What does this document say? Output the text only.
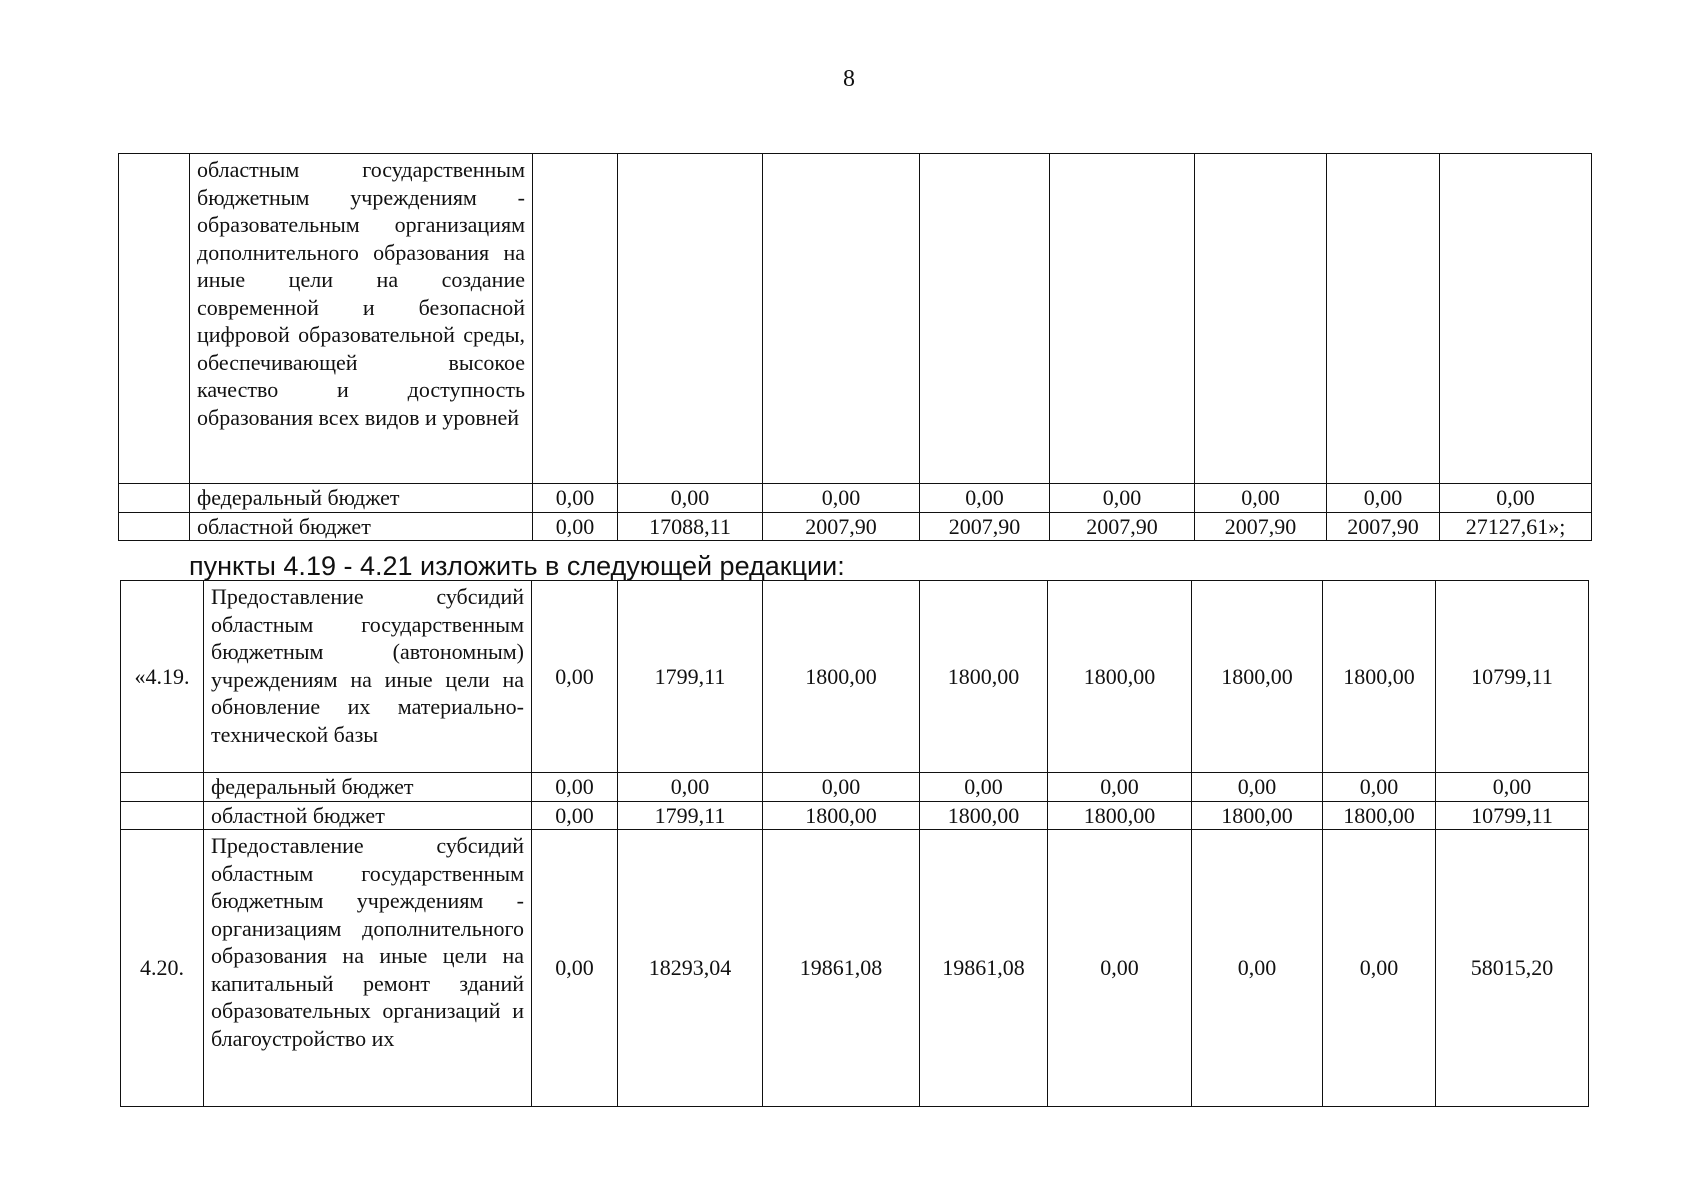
8
	областным государственным бюджетным учреждениям - образовательным организациям дополнительного образования на иные цели на создание современной и безопасной цифровой образовательной среды, обеспечивающей высокое качество и доступность образования всех видов и уровней								
	федеральный бюджет	0,00	0,00	0,00	0,00	0,00	0,00	0,00	0,00
	областной бюджет	0,00	17088,11	2007,90	2007,90	2007,90	2007,90	2007,90	27127,61»;
пункты 4.19 - 4.21 изложить в следующей редакции:
«4.19.	Предоставление субсидий областным государственным бюджетным (автономным) учреждениям на иные цели на обновление их материально-технической базы	0,00	1799,11	1800,00	1800,00	1800,00	1800,00	1800,00	10799,11
	федеральный бюджет	0,00	0,00	0,00	0,00	0,00	0,00	0,00	0,00
	областной бюджет	0,00	1799,11	1800,00	1800,00	1800,00	1800,00	1800,00	10799,11
4.20.	Предоставление субсидий областным государственным бюджетным учреждениям - организациям дополнительного образования на иные цели на капитальный ремонт зданий образовательных организаций и благоустройство их	0,00	18293,04	19861,08	19861,08	0,00	0,00	0,00	58015,20
